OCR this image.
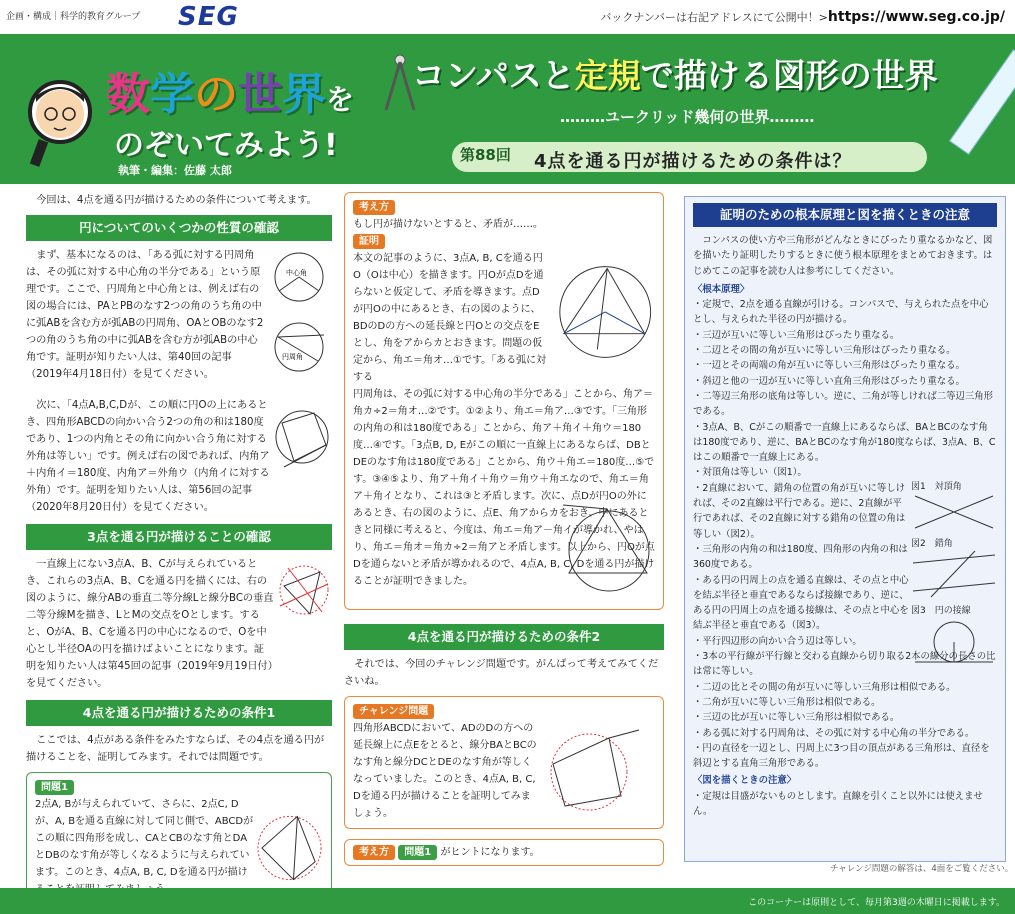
企画・構成｜科学的教育グループ SEG	バックナンバーは右記アドレスにて公開中！>https://www.seg.co.jp/
数学の世界を
のぞいてみよう!
執筆・編集：佐藤 太郎
コンパスと定規で描ける図形の世界
………ユークリッド幾何の世界………
第88回 4点を通る円が描けるための条件は？

今回は、4点を通る円が描けるための条件について考えます。

円についてのいくつかの性質の確認

まず、基本になるのは、「ある弧に対する円周角は、その弧に対する中心角の半分である」という原理です。ここで、円周角と中心角とは、例えば右の図の場合には、PAとPBのなす2つの角のうち角の中に弧ABを含む方が弧ABの円周角、OAとOBのなす2つの角のうち角の中に弧ABを含む方が弧ABの中心角です。証明が知りたい人は、第40回の記事（2019年4月18日付）を見てください。

中心角
円周角

次に、「4点A,B,C,Dが、この順に円Oの上にあるとき、四角形ABCDの向かい合う2つの角の和は180度であり、1つの内角とその角に向かい合う角に対する外角は等しい」です。例えば右の図であれば、内角ア＋内角イ＝180度、内角ア＝外角ウ（内角イに対する外角）です。証明を知りたい人は、第56回の記事（2020年8月20日付）を見てください。

3点を通る円が描けることの確認

一直線上にない3点A、B、Cが与えられているとき、これらの3点A、B、Cを通る円を描くには、右の図のように、線分ABの垂直二等分線Lと線分BCの垂直二等分線Mを描き、LとMの交点をOとします。すると、OがA、B、Cを通る円の中心になるので、Oを中心とし半径OAの円を描けばよいことになります。証明を知りたい人は第45回の記事（2019年9月19日付）を見てください。

4点を通る円が描けるための条件1

ここでは、4点がある条件をみたすならば、その4点を通る円が描けることを、証明してみます。それでは問題です。

問題1
2点A, Bが与えられていて、さらに、2点C, Dが、A, Bを通る直線に対して同じ側で、ABCDがこの順に四角形を成し、CAとCBのなす角とDAとDBのなす角が等しくなるように与えられています。このとき、4点A, B, C, Dを通る円が描け
考え方
もし円が描けないとすると、矛盾が……。
証明
本文の記事のように、3点A, B, Cを通る円O（Oは中心）を描きます。円Oが点Dを通らないと仮定して、矛盾を導きます。点Dが円Oの中にあるとき、右の図のように、BDのDの方への延長線と円Oとの交点をEとし、角をアからカとおきます。問題の仮定から、角エ＝角オ…①です。「ある弧に対する
円周角は、その弧に対する中心角の半分である」ことから、角ア＝角カ÷2＝角オ…②です。①②より、角エ＝角ア…③です。「三角形の内角の和は180度である」ことから、角ア＋角イ＋角ウ＝180度…④です。「3点B, D, Eがこの順に一直線上にあるならば、DBとDEのなす角は180度である」ことから、角ウ＋角エ＝180度…⑤です。③④⑤より、角ア＋角イ＋角ウ＝角ウ＋角エなので、角エ＝角ア＋角イとなり、これは③と矛盾します。次に、点Dが円Oの外にあるとき、右の図のように、点E、角アからカをおき、中にあるときと同様に考えると、今度は、角エ＝角ア－角イが導かれ、やはり、角エ＝角オ＝角カ÷2＝角アと矛盾します。以上から、円Oが点Dを通らないと矛盾が導かれるので、4点A, B, C, Dを通る円が描けることが証明できました。
4点を通る円が描けるための条件2

それでは、今回のチャレンジ問題です。がんばって考えてみてくださいね。

チャレンジ問題
四角形ABCDにおいて、ADのDの方への延長線上に点Eをとると、線分BAとBCのなす角と線分DCとDEのなす角が等しくなっていました。このとき、4点A, B, C, Dを通る円が描けることを証明してみましょう。
考え方 問題1 がヒントになります。
証明のための根本原理と図を描くときの注意
コンパスの使い方や三角形がどんなときにぴったり重なるかなど、図を描いたり証明したりするときに使う根本原理をまとめておきます。はじめてこの記事を読む人は参考にしてください。
〈根本原理〉
・定規で、2点を通る直線が引ける。コンパスで、与えられた点を中心とし、与えられた半径の円が描ける。
・三辺が互いに等しい三角形はぴったり重なる。
・二辺とその間の角が互いに等しい三角形はぴったり重なる。
・一辺とその両端の角が互いに等しい三角形はぴったり重なる。
・斜辺と他の一辺が互いに等しい直角三角形はぴったり重なる。
・二等辺三角形の底角は等しい。逆に、二角が等しければ二等辺三角形である。
・3点A、B、Cがこの順番で一直線上にあるならば、BAとBCのなす角は180度であり、逆に、BAとBCのなす角が180度ならば、3点A、B、Cはこの順番で一直線上にある。
・対頂角は等しい（図1）。
・2直線において、錯角の位置の角が互いに等しければ、その2直線は平行である。逆に、2直線が平行であれば、その2直線に対する錯角の位置の角は等しい（図2）。
・三角形の内角の和は180度、四角形の内角の和は360度である。
・ある円の円周上の点を通る直線は、その点と中心を結ぶ半径と垂直であるならば接線であり、逆に、ある円の円周上の点を通る接線は、その点と中心を結ぶ半径と垂直である（図3）。
・平行四辺形の向かい合う辺は等しい。
・3本の平行線が平行線と交わる直線から切り取る2本の線分の長さの比は常に等しい。
・二辺の比とその間の角が互いに等しい三角形は相似である。
・二角が互いに等しい三角形は相似である。
・三辺の比が互いに等しい三角形は相似である。
・ある弧に対する円周角は、その弧に対する中心角の半分である。
・円の直径を一辺とし、円周上に3つ目の頂点がある三角形は、直径を斜辺とする直角三角形である。
〈図を描くときの注意〉
・定規は目盛がないものとします。直線を引くこと以外には使えません。
図1　対頂角
図2　錯角
図3　円の接線
チャレンジ問題の解答は、4面をご覧ください。
このコーナーは原則として、毎月第3週の木曜日に掲載します。
